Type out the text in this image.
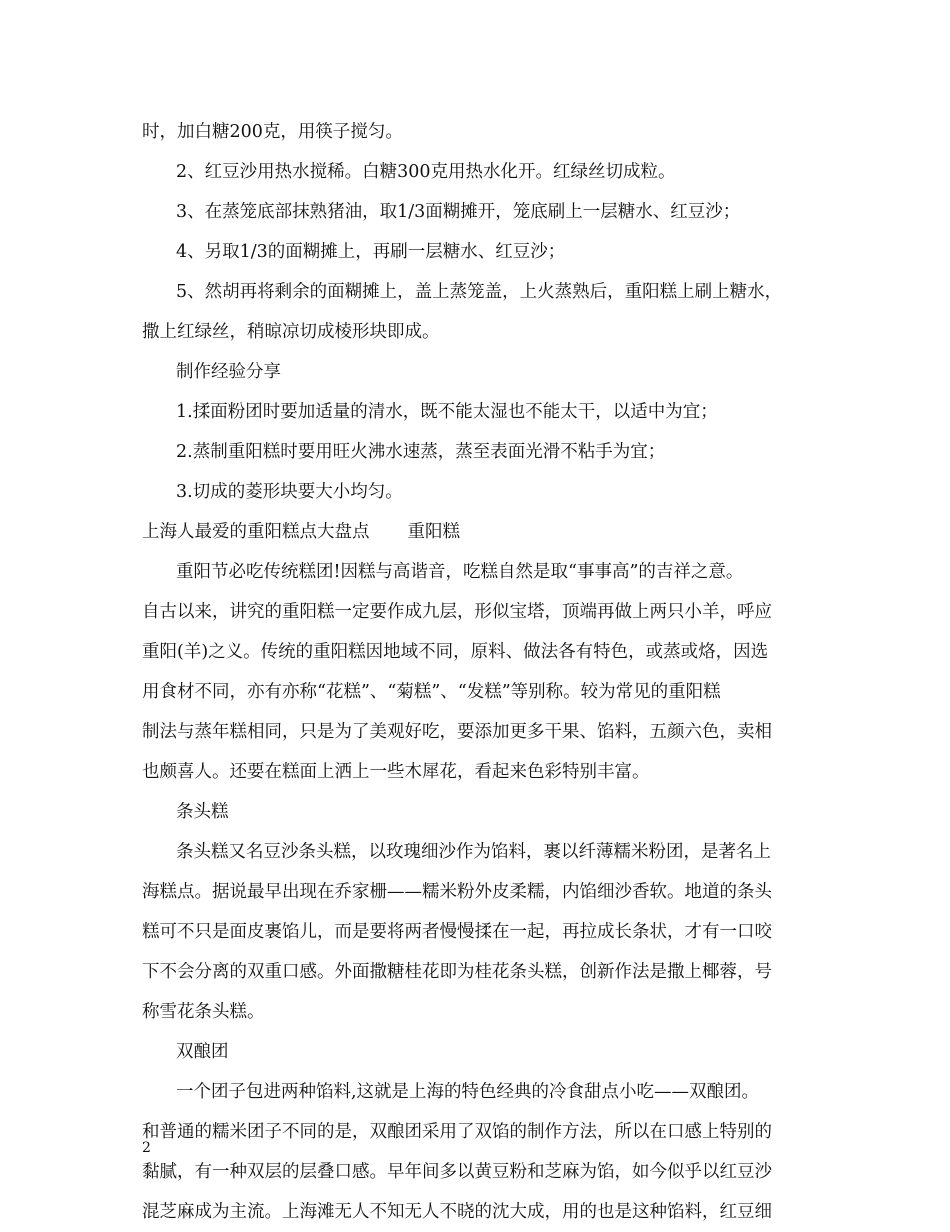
时，加白糖200克，用筷子搅匀。
2、红豆沙用热水搅稀。白糖300克用热水化开。红绿丝切成粒。
3、在蒸笼底部抹熟猪油，取1/3面糊摊开，笼底刷上一层糖水、红豆沙；
4、另取1/3的面糊摊上，再刷一层糖水、红豆沙；
5、然胡再将剩余的面糊摊上，盖上蒸笼盖，上火蒸熟后，重阳糕上刷上糖水，
撒上红绿丝，稍晾凉切成棱形块即成。
制作经验分享
1.揉面粉团时要加适量的清水，既不能太湿也不能太干，以适中为宜；
2.蒸制重阳糕时要用旺火沸水速蒸，蒸至表面光滑不粘手为宜；
3.切成的菱形块要大小均匀。
上海人最爱的重阳糕点大盘点 重阳糕
重阳节必吃传统糕团!因糕与高谐音，吃糕自然是取“事事高”的吉祥之意。
自古以来，讲究的重阳糕一定要作成九层，形似宝塔，顶端再做上两只小羊，呼应
重阳(羊)之义。传统的重阳糕因地域不同，原料、做法各有特色，或蒸或烙，因选
用食材不同，亦有亦称“花糕”、“菊糕”、“发糕”等别称。较为常见的重阳糕
制法与蒸年糕相同，只是为了美观好吃，要添加更多干果、馅料，五颜六色，卖相
也颇喜人。还要在糕面上洒上一些木犀花，看起来色彩特别丰富。
条头糕
条头糕又名豆沙条头糕，以玫瑰细沙作为馅料，裹以纤薄糯米粉团，是著名上
海糕点。据说最早出现在乔家栅——糯米粉外皮柔糯，内馅细沙香软。地道的条头
糕可不只是面皮裹馅儿，而是要将两者慢慢揉在一起，再拉成长条状，才有一口咬
下不会分离的双重口感。外面撒糖桂花即为桂花条头糕，创新作法是撒上椰蓉，号
称雪花条头糕。
双酿团
一个团子包进两种馅料,这就是上海的特色经典的冷食甜点小吃——双酿团。
和普通的糯米团子不同的是，双酿团采用了双馅的制作方法，所以在口感上特别的
黏腻，有一种双层的层叠口感。早年间多以黄豆粉和芝麻为馅，如今似乎以红豆沙
混芝麻成为主流。上海滩无人不知无人不晓的沈大成，用的也是这种馅料，红豆细
2
